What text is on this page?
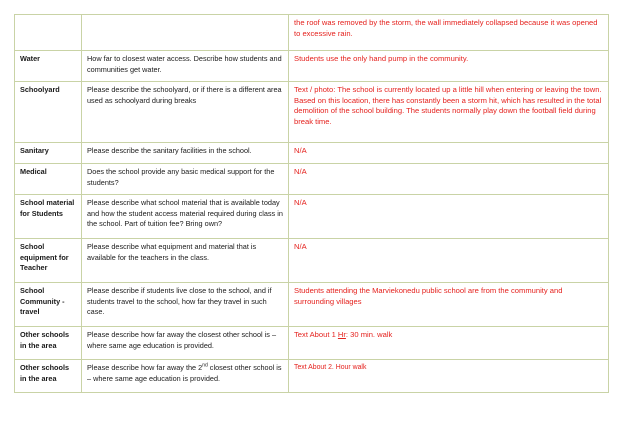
		the roof was removed by the storm, the wall immediately collapsed because it was opened to excessive rain.
Water	How far to closest water access. Describe how students and communities get water.	Students use the only hand pump in the community.
Schoolyard	Please describe the schoolyard, or if there is a different area used as schoolyard during breaks	Text / photo: The school is currently located up a little hill when entering or leaving the town. Based on this location, there has constantly been a storm hit, which has resulted in the total demolition of the school building. The students normally play down the football field during break time.
Sanitary	Please describe the sanitary facilities in the school.	N/A
Medical	Does the school provide any basic medical support for the students?	N/A
School material for Students	Please describe what school material that is available today and how the student access material required during class in the school. Part of tuition fee? Bring own?	N/A
School equipment for Teacher	Please describe what equipment and material that is available for the teachers in the class.	N/A
School Community - travel	Please describe if students live close to the school, and if students travel to the school, how far they travel in such case.	Students attending the Marviekonedu public school are from the community and surrounding villages
Other schools in the area	Please describe how far away the closest other school is – where same age education is provided.	Text About 1 Hr: 30 min. walk
Other schools in the area	Please describe how far away the 2nd closest other school is – where same age education is provided.	Text About 2. Hour walk
